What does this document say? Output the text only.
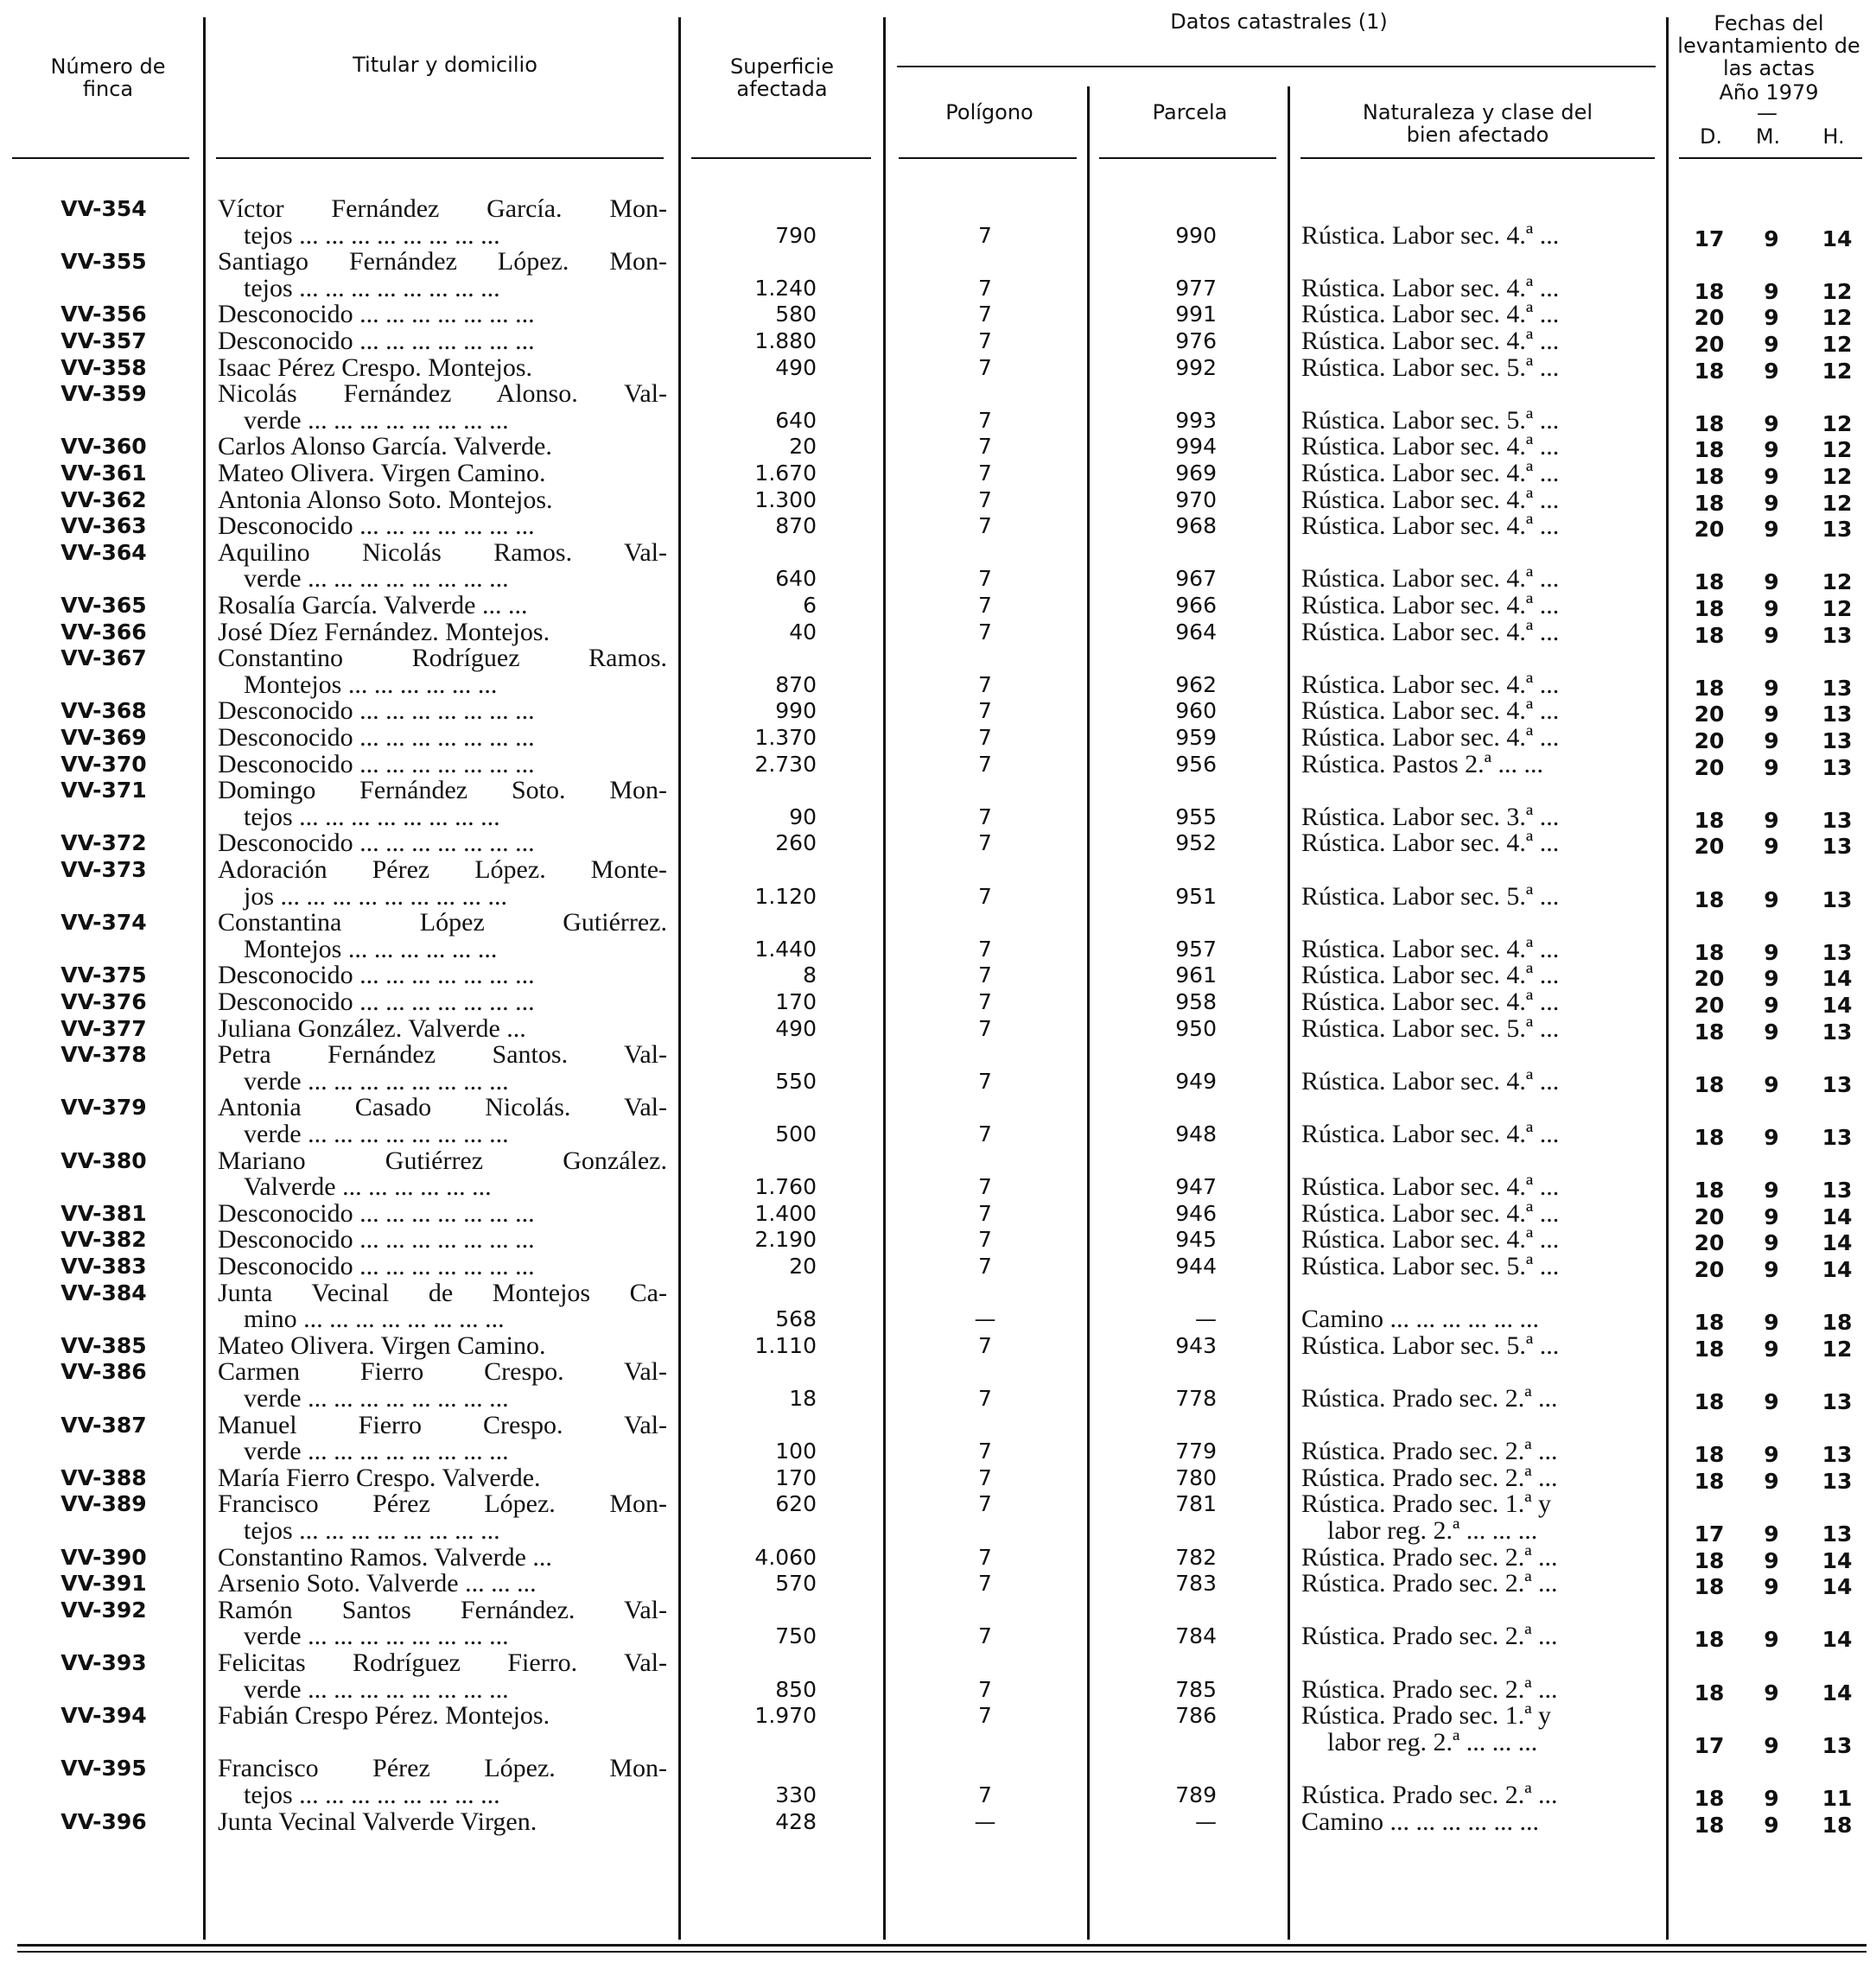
Número de finca
Titular y domicilio	Superficie afectada
Datos catastrales (1)
Polígono	Parcela	Naturaleza y clase del bien afectado
Fechas del levantamiento de las actas
Año 1979
—
D.	M.	H.
VV-354	Víctor Fernández García. Mon-
tejos ... ... ... ... ... ... ... ...	790	7	990	Rústica. Labor sec. 4.ª ...	17	9	14
VV-355	Santiago Fernández López. Mon-
tejos ... ... ... ... ... ... ... ...	1.240	7	977	Rústica. Labor sec. 4.ª ...	18	9	12
VV-356	Desconocido ... ... ... ... ... ... ...	580	7	991	Rústica. Labor sec. 4.ª ...	20	9	12
VV-357	Desconocido ... ... ... ... ... ... ...	1.880	7	976	Rústica. Labor sec. 4.ª ...	20	9	12
VV-358	Isaac Pérez Crespo. Montejos.	490	7	992	Rústica. Labor sec. 5.ª ...	18	9	12
VV-359	Nicolás Fernández Alonso. Val-
verde ... ... ... ... ... ... ... ...	640	7	993	Rústica. Labor sec. 5.ª ...	18	9	12
VV-360	Carlos Alonso García. Valverde.	20	7	994	Rústica. Labor sec. 4.ª ...	18	9	12
VV-361	Mateo Olivera. Virgen Camino.	1.670	7	969	Rústica. Labor sec. 4.ª ...	18	9	12
VV-362	Antonia Alonso Soto. Montejos.	1.300	7	970	Rústica. Labor sec. 4.ª ...	18	9	12
VV-363	Desconocido ... ... ... ... ... ... ...	870	7	968	Rústica. Labor sec. 4.ª ...	20	9	13
VV-364	Aquilino Nicolás Ramos. Val-
verde ... ... ... ... ... ... ... ...	640	7	967	Rústica. Labor sec. 4.ª ...	18	9	12
VV-365	Rosalía García. Valverde ... ...	6	7	966	Rústica. Labor sec. 4.ª ...	18	9	12
VV-366	José Díez Fernández. Montejos.	40	7	964	Rústica. Labor sec. 4.ª ...	18	9	13
VV-367	Constantino Rodríguez Ramos.
Montejos ... ... ... ... ... ...	870	7	962	Rústica. Labor sec. 4.ª ...	18	9	13
VV-368	Desconocido ... ... ... ... ... ... ...	990	7	960	Rústica. Labor sec. 4.ª ...	20	9	13
VV-369	Desconocido ... ... ... ... ... ... ...	1.370	7	959	Rústica. Labor sec. 4.ª ...	20	9	13
VV-370	Desconocido ... ... ... ... ... ... ...	2.730	7	956	Rústica. Pastos 2.ª ... ...	20	9	13
VV-371	Domingo Fernández Soto. Mon-
tejos ... ... ... ... ... ... ... ...	90	7	955	Rústica. Labor sec. 3.ª ...	18	9	13
VV-372	Desconocido ... ... ... ... ... ... ...	260	7	952	Rústica. Labor sec. 4.ª ...	20	9	13
VV-373	Adoración Pérez López. Monte-
jos ... ... ... ... ... ... ... ... ...	1.120	7	951	Rústica. Labor sec. 5.ª ...	18	9	13
VV-374	Constantina López Gutiérrez.
Montejos ... ... ... ... ... ...	1.440	7	957	Rústica. Labor sec. 4.ª ...	18	9	13
VV-375	Desconocido ... ... ... ... ... ... ...	8	7	961	Rústica. Labor sec. 4.ª ...	20	9	14
VV-376	Desconocido ... ... ... ... ... ... ...	170	7	958	Rústica. Labor sec. 4.ª ...	20	9	14
VV-377	Juliana González. Valverde ...	490	7	950	Rústica. Labor sec. 5.ª ...	18	9	13
VV-378	Petra Fernández Santos. Val-
verde ... ... ... ... ... ... ... ...	550	7	949	Rústica. Labor sec. 4.ª ...	18	9	13
VV-379	Antonia Casado Nicolás. Val-
verde ... ... ... ... ... ... ... ...	500	7	948	Rústica. Labor sec. 4.ª ...	18	9	13
VV-380	Mariano Gutiérrez González.
Valverde ... ... ... ... ... ...	1.760	7	947	Rústica. Labor sec. 4.ª ...	18	9	13
VV-381	Desconocido ... ... ... ... ... ... ...	1.400	7	946	Rústica. Labor sec. 4.ª ...	20	9	14
VV-382	Desconocido ... ... ... ... ... ... ...	2.190	7	945	Rústica. Labor sec. 4.ª ...	20	9	14
VV-383	Desconocido ... ... ... ... ... ... ...	20	7	944	Rústica. Labor sec. 5.ª ...	20	9	14
VV-384	Junta Vecinal de Montejos Ca-
mino ... ... ... ... ... ... ... ...	568	—	—	Camino ... ... ... ... ... ...	18	9	18
VV-385	Mateo Olivera. Virgen Camino.	1.110	7	943	Rústica. Labor sec. 5.ª ...	18	9	12
VV-386	Carmen Fierro Crespo. Val-
verde ... ... ... ... ... ... ... ...	18	7	778	Rústica. Prado sec. 2.ª ...	18	9	13
VV-387	Manuel Fierro Crespo. Val-
verde ... ... ... ... ... ... ... ...	100	7	779	Rústica. Prado sec. 2.ª ...	18	9	13
VV-388	María Fierro Crespo. Valverde.	170	7	780	Rústica. Prado sec. 2.ª ...	18	9	13
VV-389	Francisco Pérez López. Mon-
tejos ... ... ... ... ... ... ... ...
620	7	781	Rústica. Prado sec. 1.ª y
labor reg. 2.ª ... ... ...	17	9	13
VV-390	Constantino Ramos. Valverde ...	4.060	7	782	Rústica. Prado sec. 2.ª ...	18	9	14
VV-391	Arsenio Soto. Valverde ... ... ...	570	7	783	Rústica. Prado sec. 2.ª ...	18	9	14
VV-392	Ramón Santos Fernández. Val-
verde ... ... ... ... ... ... ... ...	750	7	784	Rústica. Prado sec. 2.ª ...	18	9	14
VV-393	Felicitas Rodríguez Fierro. Val-
verde ... ... ... ... ... ... ... ...	850	7	785	Rústica. Prado sec. 2.ª ...	18	9	14
VV-394	Fabián Crespo Pérez. Montejos.	1.970	7	786	Rústica. Prado sec. 1.ª y
labor reg. 2.ª ... ... ...	17	9	13
VV-395	Francisco Pérez López. Mon-
tejos ... ... ... ... ... ... ... ...	330	7	789	Rústica. Prado sec. 2.ª ...	18	9	11
VV-396	Junta Vecinal Valverde Virgen.	428	—	—	Camino ... ... ... ... ... ...	18	9	18
